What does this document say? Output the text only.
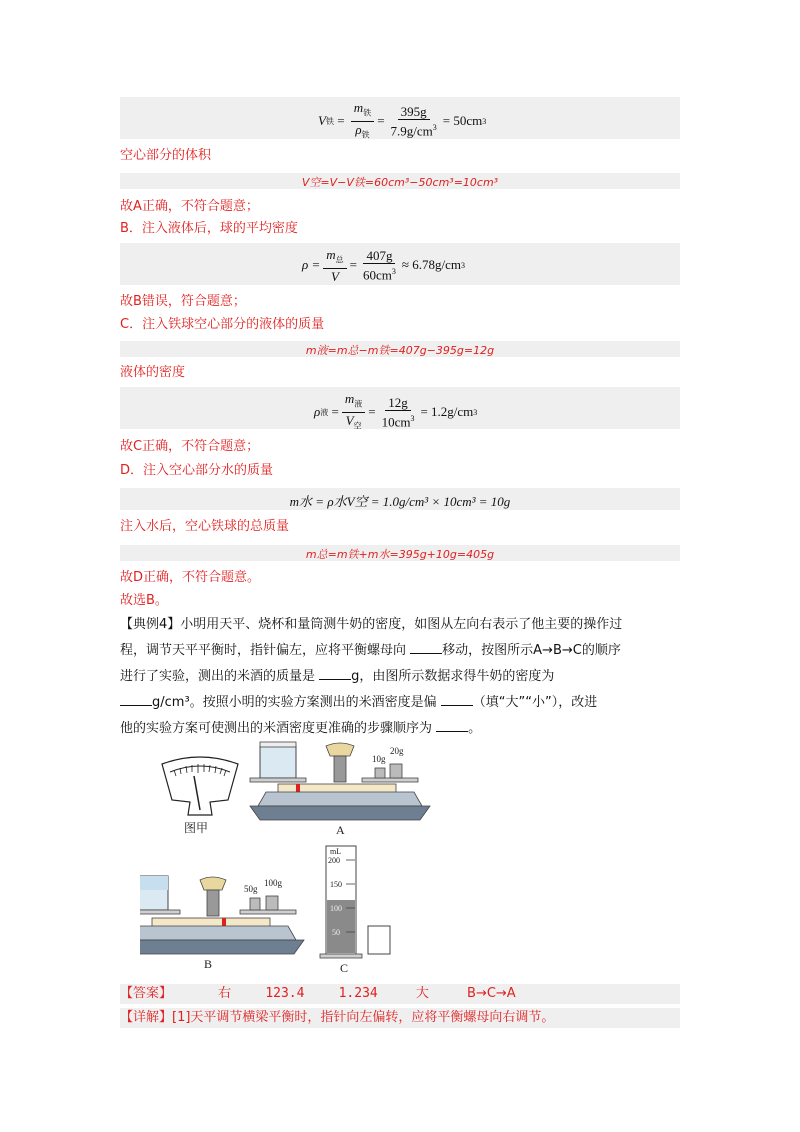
V 铁 = $\frac{m_铁}{\rho_铁} = \frac{395g}{7.9g/cm^3} = 50cm$ 3
空心部分的体积
V空=V−V铁=60cm³−50cm³=10cm³
故A正确，不符合题意；
B．注入液体后，球的平均密度
$\rho = \frac{m_总}{V} = \frac{407g}{60cm^3} \approx 6.78g/cm$ 3
故B错误，符合题意；
C．注入铁球空心部分的液体的质量
m液=m总−m铁=407g−395g=12g
液体的密度
ρ 液 = $\frac{m_液}{V_空} = \frac{12g}{10cm^3} = 1.2g/cm$ 3
故C正确，不符合题意；
D．注入空心部分水的质量
m水 = ρ水V空 = 1.0g/cm³ × 10cm³ = 10g
注入水后，空心铁球的总质量
m总=m铁+m水=395g+10g=405g
故D正确，不符合题意。
故选B。
【典例4】小明用天平、烧杯和量筒测牛奶的密度，如图从左向右表示了他主要的操作过
程，调节天平平衡时，指针偏左，应将平衡螺母向	移动，按图所示A→B→C的顺序
进行了实验，测出的米酒的质量是	g，由图所示数据求得牛奶的密度为
g/cm³。按照小明的实验方案测出的米酒密度是偏	（填“大”“小”），改进
他的实验方案可使测出的米酒密度更准确的步骤顺序为	。
图甲
10g
20g
A
50g
100g
B
mL
200
150
100
50
C
【答案】	右	123.4	1.234	大	B→C→A
【详解】[1]天平调节横梁平衡时，指针向左偏转，应将平衡螺母向右调节。
